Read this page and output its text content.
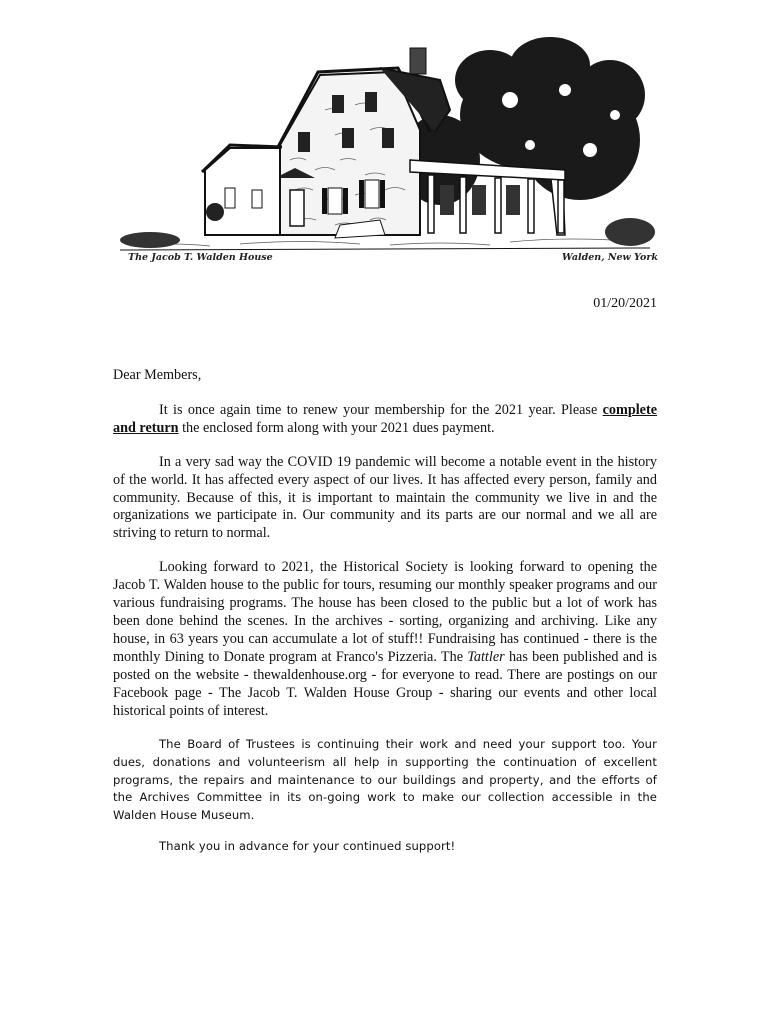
The Jacob T. Walden House	Walden, New York
01/20/2021

Dear Members,

It is once again time to renew your membership for the 2021 year. Please complete and return the enclosed form along with your 2021 dues payment.

In a very sad way the COVID 19 pandemic will become a notable event in the history of the world. It has affected every aspect of our lives. It has affected every person, family and community. Because of this, it is important to maintain the community we live in and the organizations we participate in. Our community and its parts are our normal and we all are striving to return to normal.

Looking forward to 2021, the Historical Society is looking forward to opening the Jacob T. Walden house to the public for tours, resuming our monthly speaker programs and our various fundraising programs. The house has been closed to the public but a lot of work has been done behind the scenes. In the archives - sorting, organizing and archiving. Like any house, in 63 years you can accumulate a lot of stuff!! Fundraising has continued - there is the monthly Dining to Donate program at Franco's Pizzeria. The Tattler has been published and is posted on the website - thewaldenhouse.org - for everyone to read. There are postings on our Facebook page - The Jacob T. Walden House Group - sharing our events and other local historical points of interest.

The Board of Trustees is continuing their work and need your support too. Your dues, donations and volunteerism all help in supporting the continuation of excellent programs, the repairs and maintenance to our buildings and property, and the efforts of the Archives Committee in its on-going work to make our collection accessible in the Walden House Museum.

Thank you in advance for your continued support!
